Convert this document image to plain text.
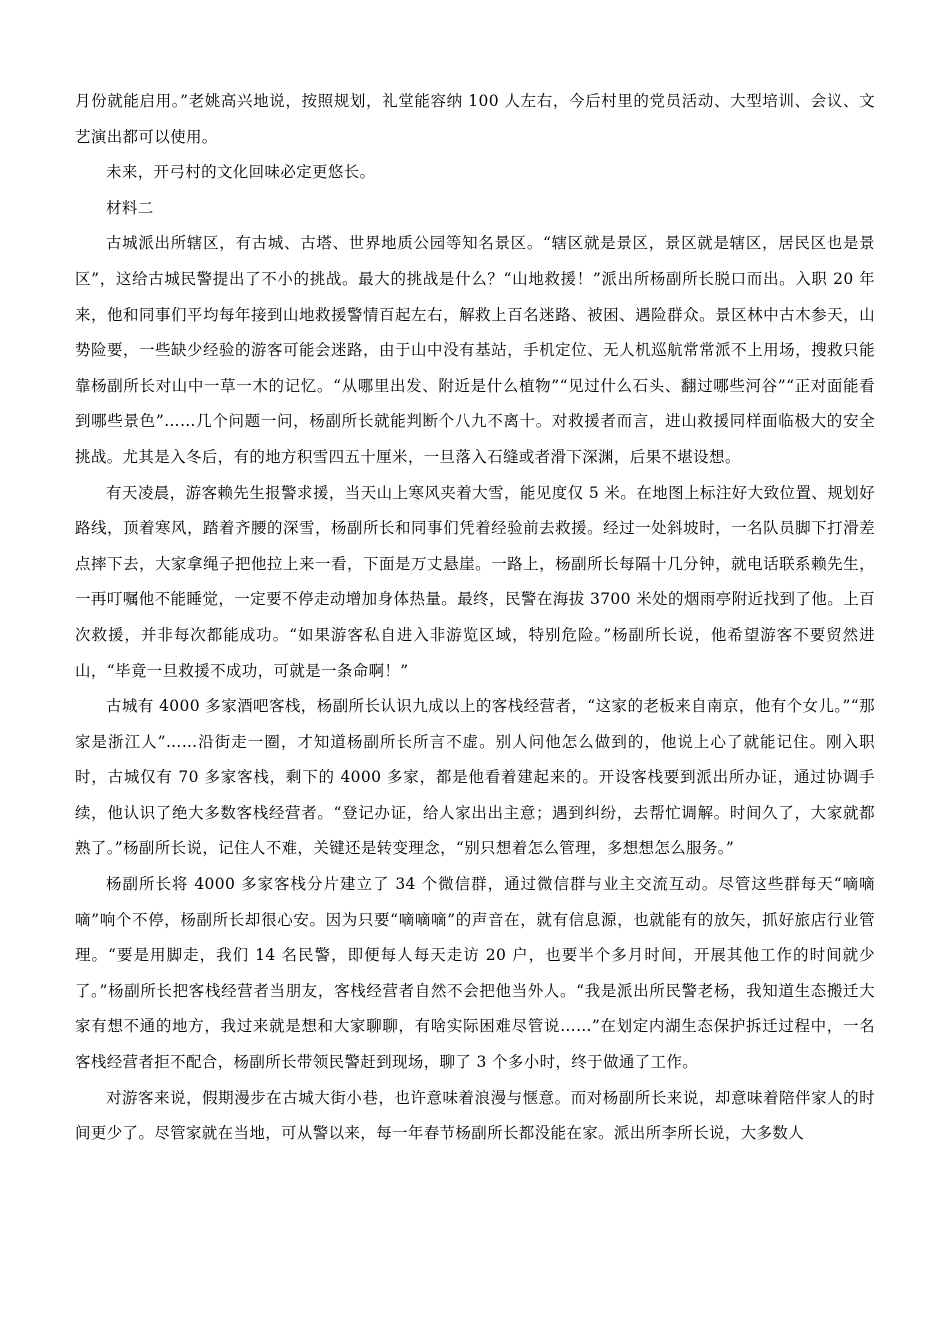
月份就能启用。”老姚高兴地说，按照规划，礼堂能容纳 100 人左右，今后村里的党员活动、大型培训、会议、文艺演出都可以使用。

未来，开弓村的文化回味必定更悠长。

材料二

古城派出所辖区，有古城、古塔、世界地质公园等知名景区。“辖区就是景区，景区就是辖区，居民区也是景区”，这给古城民警提出了不小的挑战。最大的挑战是什么？“山地救援！”派出所杨副所长脱口而出。入职 20 年来，他和同事们平均每年接到山地救援警情百起左右，解救上百名迷路、被困、遇险群众。景区林中古木参天，山势险要，一些缺少经验的游客可能会迷路，由于山中没有基站，手机定位、无人机巡航常常派不上用场，搜救只能靠杨副所长对山中一草一木的记忆。“从哪里出发、附近是什么植物”“见过什么石头、翻过哪些河谷”“正对面能看到哪些景色”……几个问题一问，杨副所长就能判断个八九不离十。对救援者而言，进山救援同样面临极大的安全挑战。尤其是入冬后，有的地方积雪四五十厘米，一旦落入石缝或者滑下深渊，后果不堪设想。

有天凌晨，游客赖先生报警求援，当天山上寒风夹着大雪，能见度仅 5 米。在地图上标注好大致位置、规划好路线，顶着寒风，踏着齐腰的深雪，杨副所长和同事们凭着经验前去救援。经过一处斜坡时，一名队员脚下打滑差点摔下去，大家拿绳子把他拉上来一看，下面是万丈悬崖。一路上，杨副所长每隔十几分钟，就电话联系赖先生，一再叮嘱他不能睡觉，一定要不停走动增加身体热量。最终，民警在海拔 3700 米处的烟雨亭附近找到了他。上百次救援，并非每次都能成功。“如果游客私自进入非游览区域，特别危险。”杨副所长说，他希望游客不要贸然进山，“毕竟一旦救援不成功，可就是一条命啊！”

古城有 4000 多家酒吧客栈，杨副所长认识九成以上的客栈经营者，“这家的老板来自南京，他有个女儿。”“那家是浙江人”……沿街走一圈，才知道杨副所长所言不虚。别人问他怎么做到的，他说上心了就能记住。刚入职时，古城仅有 70 多家客栈，剩下的 4000 多家，都是他看着建起来的。开设客栈要到派出所办证，通过协调手续，他认识了绝大多数客栈经营者。“登记办证，给人家出出主意；遇到纠纷，去帮忙调解。时间久了，大家就都熟了。”杨副所长说，记住人不难，关键还是转变理念，“别只想着怎么管理，多想想怎么服务。”

杨副所长将 4000 多家客栈分片建立了 34 个微信群，通过微信群与业主交流互动。尽管这些群每天“嘀嘀嘀”响个不停，杨副所长却很心安。因为只要“嘀嘀嘀”的声音在，就有信息源，也就能有的放矢，抓好旅店行业管理。“要是用脚走，我们 14 名民警，即便每人每天走访 20 户，也要半个多月时间，开展其他工作的时间就少了。”杨副所长把客栈经营者当朋友，客栈经营者自然不会把他当外人。“我是派出所民警老杨，我知道生态搬迁大家有想不通的地方，我过来就是想和大家聊聊，有啥实际困难尽管说……”在划定内湖生态保护拆迁过程中，一名客栈经营者拒不配合，杨副所长带领民警赶到现场，聊了 3 个多小时，终于做通了工作。

对游客来说，假期漫步在古城大街小巷，也许意味着浪漫与惬意。而对杨副所长来说，却意味着陪伴家人的时间更少了。尽管家就在当地，可从警以来，每一年春节杨副所长都没能在家。派出所李所长说，大多数人
